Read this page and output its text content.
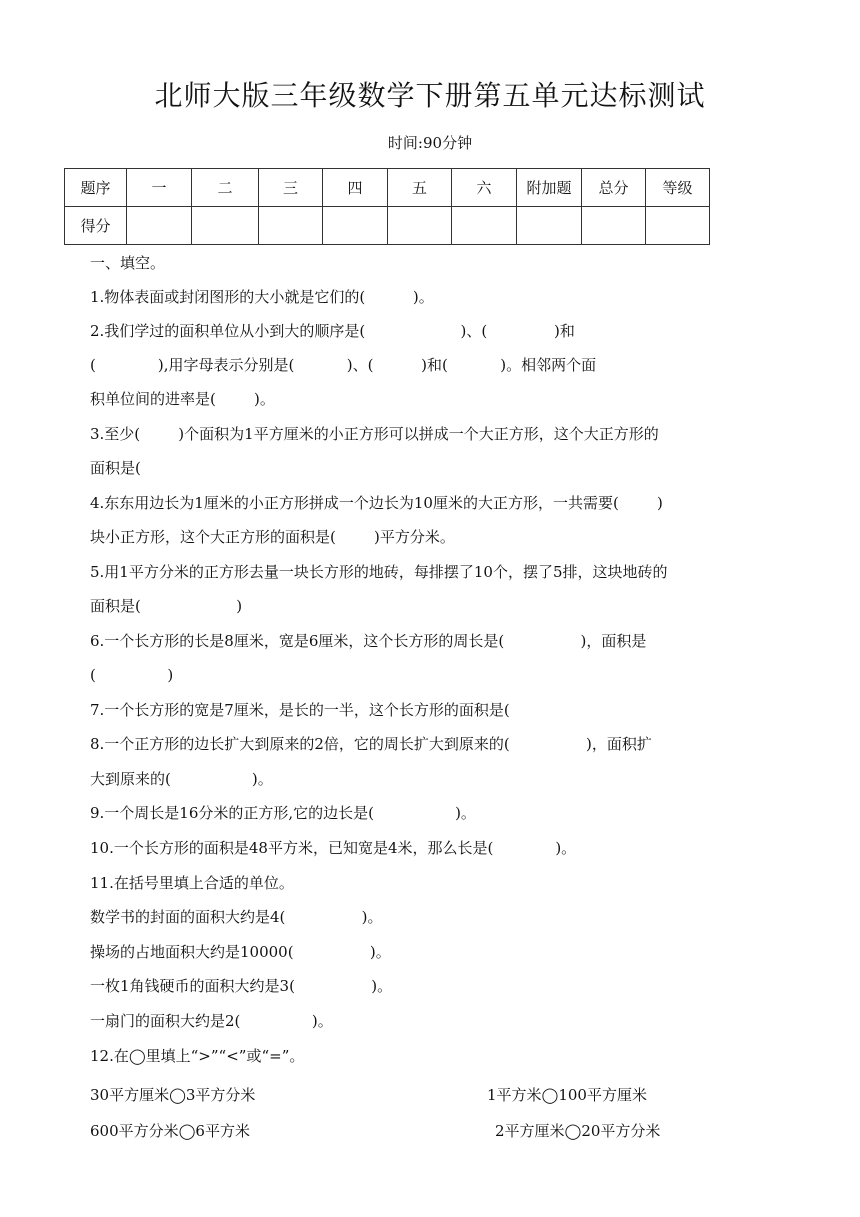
北师大版三年级数学下册第五单元达标测试
时间:90分钟
题序	一	二	三	四	五	六	附加题	总分	等级
得分									
一、填空。
1.物体表面或封闭图形的大小就是它们的(          )。
2.我们学过的面积单位从小到大的顺序是(                    )、(              )和
(             ),用字母表示分别是(           )、(          )和(           )。相邻两个面
积单位间的进率是(        )。
3.至少(        )个面积为1平方厘米的小正方形可以拼成一个大正方形，这个大正方形的
面积是(
4.东东用边长为1厘米的小正方形拼成一个边长为10厘米的大正方形，一共需要(        )
块小正方形，这个大正方形的面积是(        )平方分米。
5.用1平方分米的正方形去量一块长方形的地砖，每排摆了10个，摆了5排，这块地砖的
面积是(                    )
6.一个长方形的长是8厘米，宽是6厘米，这个长方形的周长是(                )，面积是
(               )
7.一个长方形的宽是7厘米，是长的一半，这个长方形的面积是(
8.一个正方形的边长扩大到原来的2倍，它的周长扩大到原来的(                )，面积扩
大到原来的(                 )。
9.一个周长是16分米的正方形,它的边长是(                 )。
10.一个长方形的面积是48平方米，已知宽是4米，那么长是(             )。
11.在括号里填上合适的单位。
数学书的封面的面积大约是4(                )。
操场的占地面积大约是10000(                )。
一枚1角钱硬币的面积大约是3(                )。
一扇门的面积大约是2(               )。
12.在◯里填上“>”“<”或“=”。
30平方厘米◯3平方分米	1平方米◯100平方厘米
600平方分米◯6平方米	2平方厘米◯20平方分米
